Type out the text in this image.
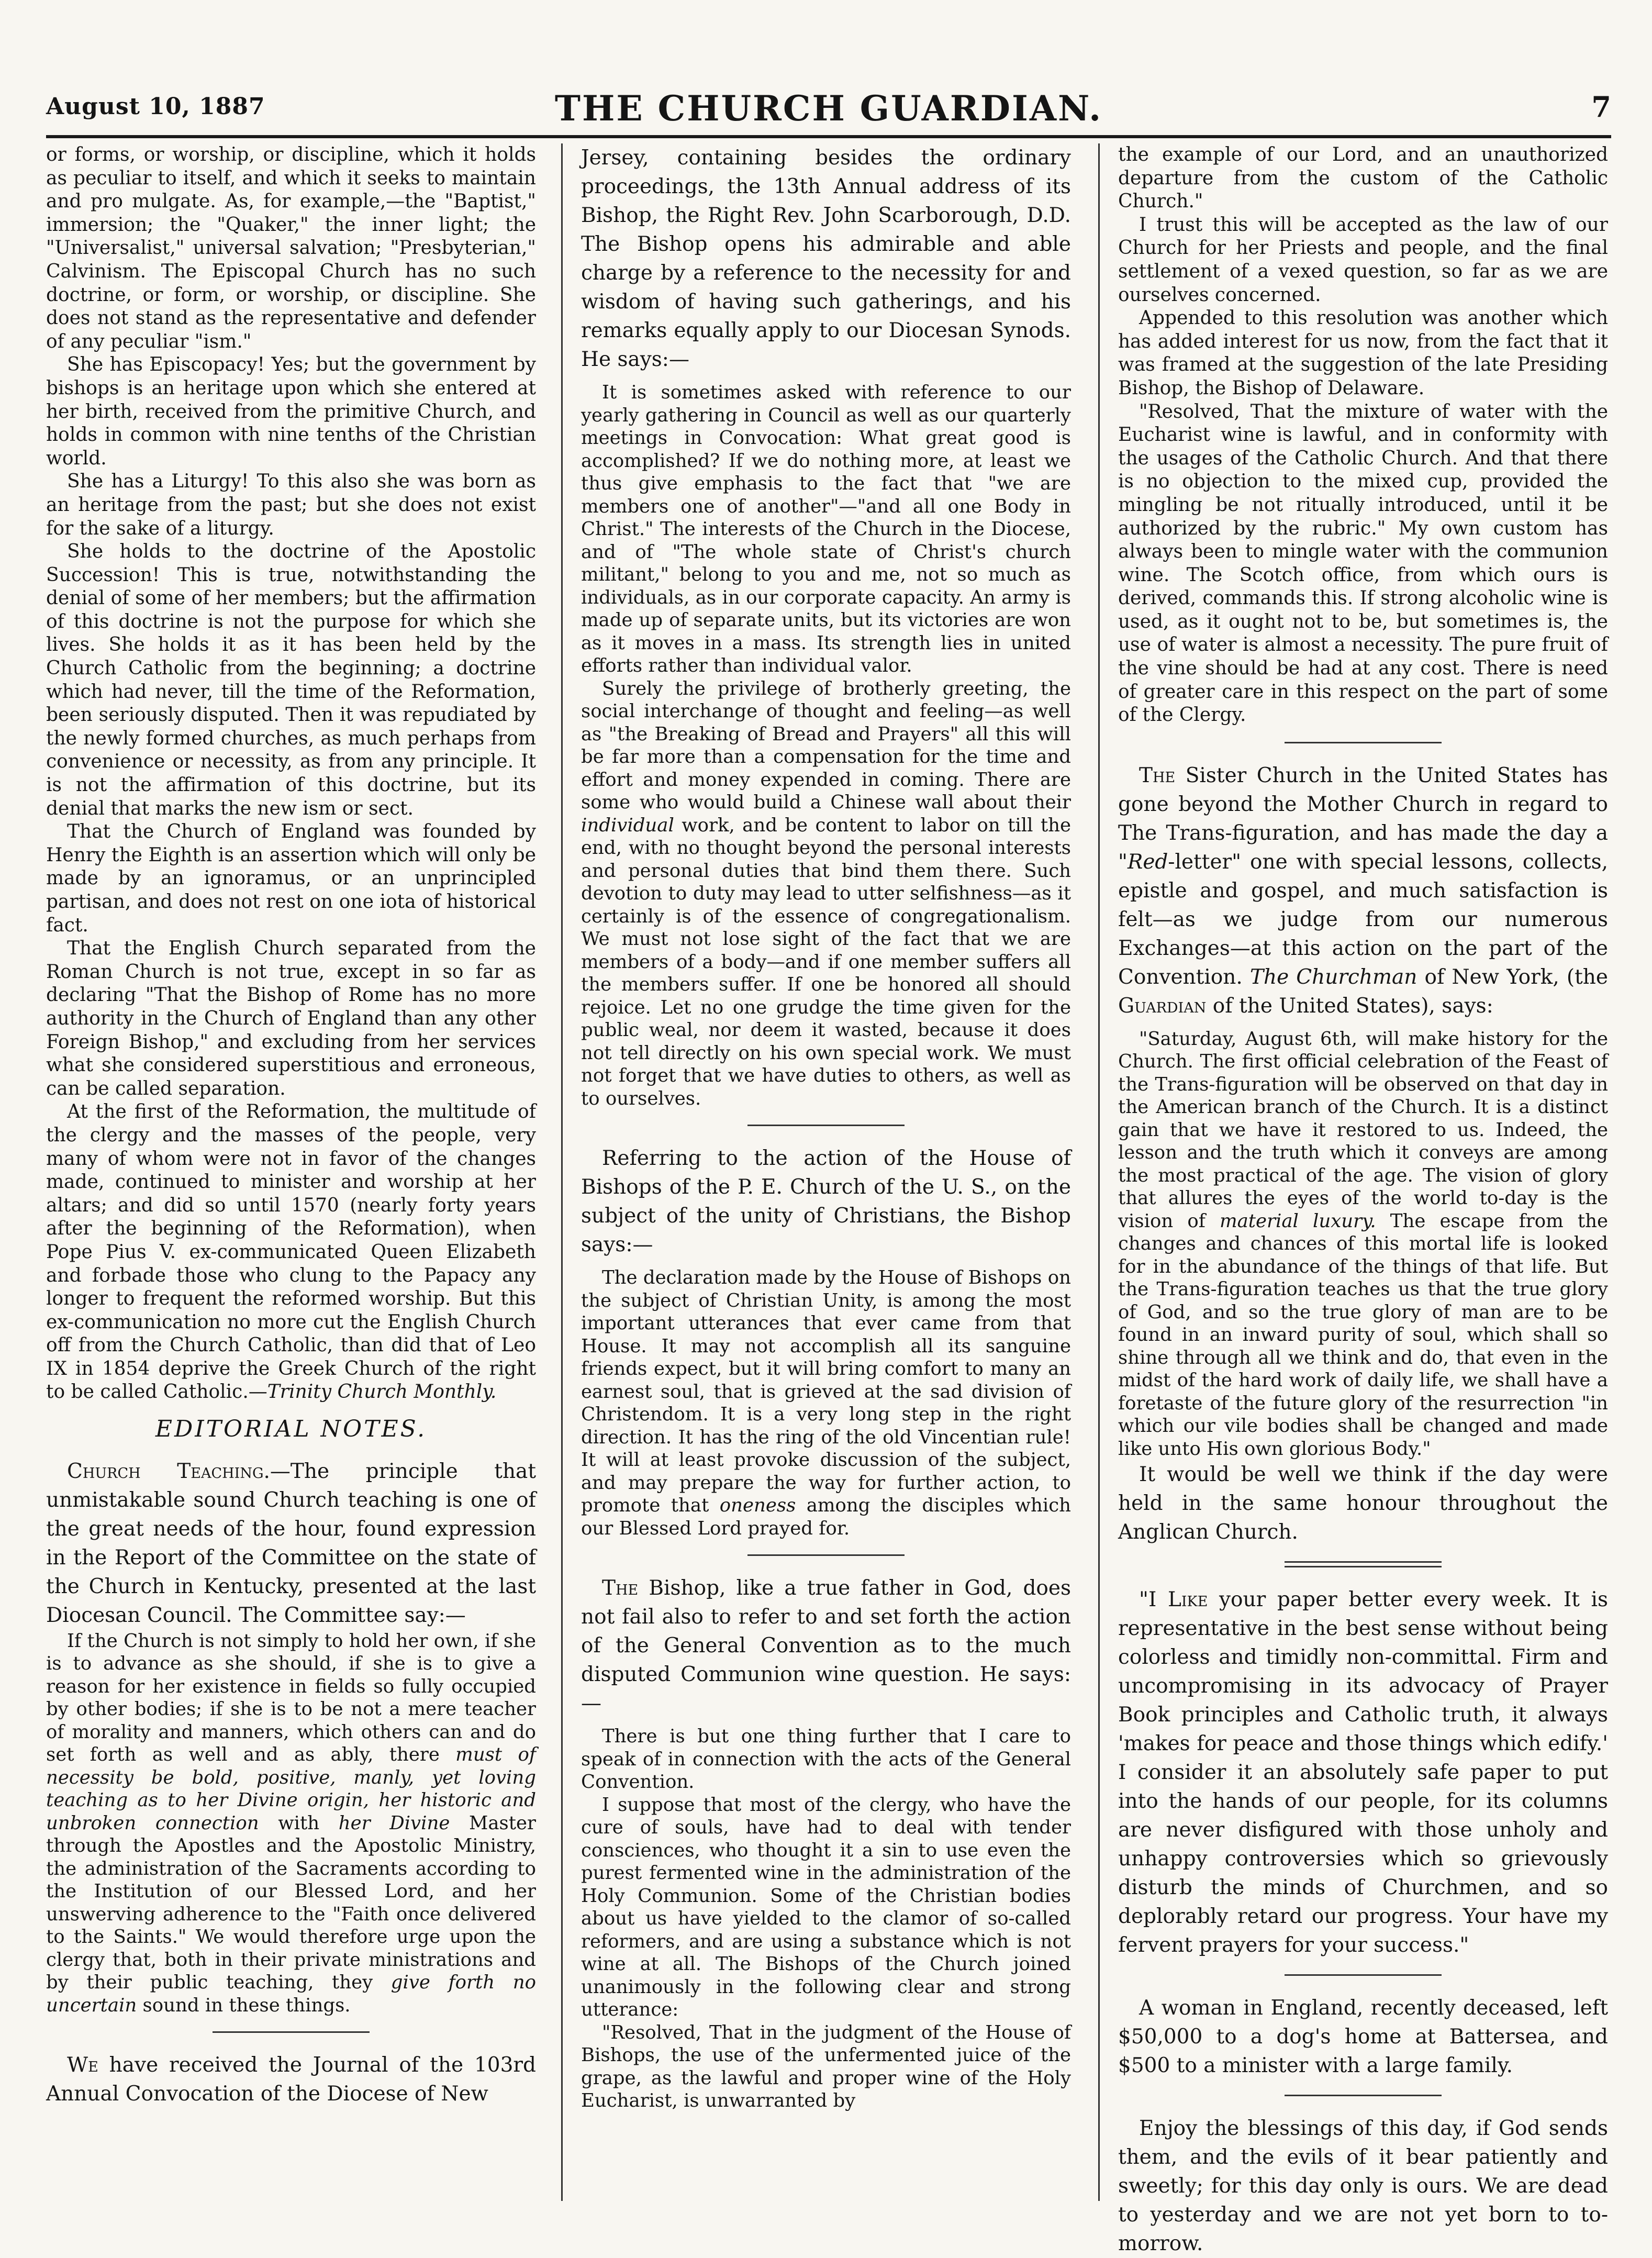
August 10, 1887	THE CHURCH GUARDIAN.	7

or forms, or worship, or discipline, which it holds as peculiar to itself, and which it seeks to maintain and pro mulgate. As, for example,—the "Baptist," immersion; the "Quaker," the inner light; the "Universalist," universal salvation; "Presbyterian," Calvinism. The Episcopal Church has no such doctrine, or form, or worship, or discipline. She does not stand as the representative and defender of any peculiar "ism."

She has Episcopacy! Yes; but the government by bishops is an heritage upon which she entered at her birth, received from the primitive Church, and holds in common with nine tenths of the Christian world.

She has a Liturgy! To this also she was born as an heritage from the past; but she does not exist for the sake of a liturgy.

She holds to the doctrine of the Apostolic Succession! This is true, notwithstanding the denial of some of her members; but the affirmation of this doctrine is not the purpose for which she lives. She holds it as it has been held by the Church Catholic from the beginning; a doctrine which had never, till the time of the Reformation, been seriously disputed. Then it was repudiated by the newly formed churches, as much perhaps from convenience or necessity, as from any principle. It is not the affirmation of this doctrine, but its denial that marks the new ism or sect.

That the Church of England was founded by Henry the Eighth is an assertion which will only be made by an ignoramus, or an unprincipled partisan, and does not rest on one iota of historical fact.

That the English Church separated from the Roman Church is not true, except in so far as declaring "That the Bishop of Rome has no more authority in the Church of England than any other Foreign Bishop," and excluding from her services what she considered superstitious and erroneous, can be called separation.

At the first of the Reformation, the multitude of the clergy and the masses of the people, very many of whom were not in favor of the changes made, continued to minister and worship at her altars; and did so until 1570 (nearly forty years after the beginning of the Reformation), when Pope Pius V. ex-communicated Queen Elizabeth and forbade those who clung to the Papacy any longer to frequent the reformed worship. But this ex-communication no more cut the English Church off from the Church Catholic, than did that of Leo IX in 1854 deprive the Greek Church of the right to be called Catholic.—Trinity Church Monthly.

EDITORIAL NOTES.

Church Teaching.—The principle that unmistakable sound Church teaching is one of the great needs of the hour, found expression in the Report of the Committee on the state of the Church in Kentucky, presented at the last Diocesan Council. The Committee say:—

If the Church is not simply to hold her own, if she is to advance as she should, if she is to give a reason for her existence in fields so fully occupied by other bodies; if she is to be not a mere teacher of morality and manners, which others can and do set forth as well and as ably, there must of necessity be bold, positive, manly, yet loving teaching as to her Divine origin, her historic and unbroken connection with her Divine Master through the Apostles and the Apostolic Ministry, the administration of the Sacraments according to the Institution of our Blessed Lord, and her unswerving adherence to the "Faith once delivered to the Saints." We would therefore urge upon the clergy that, both in their private ministrations and by their public teaching, they give forth no uncertain sound in these things.

We have received the Journal of the 103rd Annual Convocation of the Diocese of New

Jersey, containing besides the ordinary proceedings, the 13th Annual address of its Bishop, the Right Rev. John Scarborough, D.D. The Bishop opens his admirable and able charge by a reference to the necessity for and wisdom of having such gatherings, and his remarks equally apply to our Diocesan Synods. He says:—

It is sometimes asked with reference to our yearly gathering in Council as well as our quarterly meetings in Convocation: What great good is accomplished? If we do nothing more, at least we thus give emphasis to the fact that "we are members one of another"—"and all one Body in Christ." The interests of the Church in the Diocese, and of "The whole state of Christ's church militant," belong to you and me, not so much as individuals, as in our corporate capacity. An army is made up of separate units, but its victories are won as it moves in a mass. Its strength lies in united efforts rather than individual valor.

Surely the privilege of brotherly greeting, the social interchange of thought and feeling—as well as "the Breaking of Bread and Prayers" all this will be far more than a compensation for the time and effort and money expended in coming. There are some who would build a Chinese wall about their individual work, and be content to labor on till the end, with no thought beyond the personal interests and personal duties that bind them there. Such devotion to duty may lead to utter selfishness—as it certainly is of the essence of congregationalism. We must not lose sight of the fact that we are members of a body—and if one member suffers all the members suffer. If one be honored all should rejoice. Let no one grudge the time given for the public weal, nor deem it wasted, because it does not tell directly on his own special work. We must not forget that we have duties to others, as well as to ourselves.

Referring to the action of the House of Bishops of the P. E. Church of the U. S., on the subject of the unity of Christians, the Bishop says:—

The declaration made by the House of Bishops on the subject of Christian Unity, is among the most important utterances that ever came from that House. It may not accomplish all its sanguine friends expect, but it will bring comfort to many an earnest soul, that is grieved at the sad division of Christendom. It is a very long step in the right direction. It has the ring of the old Vincentian rule! It will at least provoke discussion of the subject, and may prepare the way for further action, to promote that oneness among the disciples which our Blessed Lord prayed for.

The Bishop, like a true father in God, does not fail also to refer to and set forth the action of the General Convention as to the much disputed Communion wine question. He says:—

There is but one thing further that I care to speak of in connection with the acts of the General Convention.

I suppose that most of the clergy, who have the cure of souls, have had to deal with tender consciences, who thought it a sin to use even the purest fermented wine in the administration of the Holy Communion. Some of the Christian bodies about us have yielded to the clamor of so-called reformers, and are using a substance which is not wine at all. The Bishops of the Church joined unanimously in the following clear and strong utterance:

"Resolved, That in the judgment of the House of Bishops, the use of the unfermented juice of the grape, as the lawful and proper wine of the Holy Eucharist, is unwarranted by

the example of our Lord, and an unauthorized departure from the custom of the Catholic Church."

I trust this will be accepted as the law of our Church for her Priests and people, and the final settlement of a vexed question, so far as we are ourselves concerned.

Appended to this resolution was another which has added interest for us now, from the fact that it was framed at the suggestion of the late Presiding Bishop, the Bishop of Delaware.

"Resolved, That the mixture of water with the Eucharist wine is lawful, and in conformity with the usages of the Catholic Church. And that there is no objection to the mixed cup, provided the mingling be not ritually introduced, until it be authorized by the rubric." My own custom has always been to mingle water with the communion wine. The Scotch office, from which ours is derived, commands this. If strong alcoholic wine is used, as it ought not to be, but sometimes is, the use of water is almost a necessity. The pure fruit of the vine should be had at any cost. There is need of greater care in this respect on the part of some of the Clergy.

The Sister Church in the United States has gone beyond the Mother Church in regard to The Trans-figuration, and has made the day a "Red-letter" one with special lessons, collects, epistle and gospel, and much satisfaction is felt—as we judge from our numerous Exchanges—at this action on the part of the Convention. The Churchman of New York, (the Guardian of the United States), says:

"Saturday, August 6th, will make history for the Church. The first official celebration of the Feast of the Trans-figuration will be observed on that day in the American branch of the Church. It is a distinct gain that we have it restored to us. Indeed, the lesson and the truth which it conveys are among the most practical of the age. The vision of glory that allures the eyes of the world to-day is the vision of material luxury. The escape from the changes and chances of this mortal life is looked for in the abundance of the things of that life. But the Trans-figuration teaches us that the true glory of God, and so the true glory of man are to be found in an inward purity of soul, which shall so shine through all we think and do, that even in the midst of the hard work of daily life, we shall have a foretaste of the future glory of the resurrection "in which our vile bodies shall be changed and made like unto His own glorious Body."

It would be well we think if the day were held in the same honour throughout the Anglican Church.

"I Like your paper better every week. It is representative in the best sense without being colorless and timidly non-committal. Firm and uncompromising in its advocacy of Prayer Book principles and Catholic truth, it always 'makes for peace and those things which edify.' I consider it an absolutely safe paper to put into the hands of our people, for its columns are never disfigured with those unholy and unhappy controversies which so grievously disturb the minds of Churchmen, and so deplorably retard our progress. Your have my fervent prayers for your success."

A woman in England, recently deceased, left $50,000 to a dog's home at Battersea, and $500 to a minister with a large family.

Enjoy the blessings of this day, if God sends them, and the evils of it bear patiently and sweetly; for this day only is ours. We are dead to yesterday and we are not yet born to to-morrow.
